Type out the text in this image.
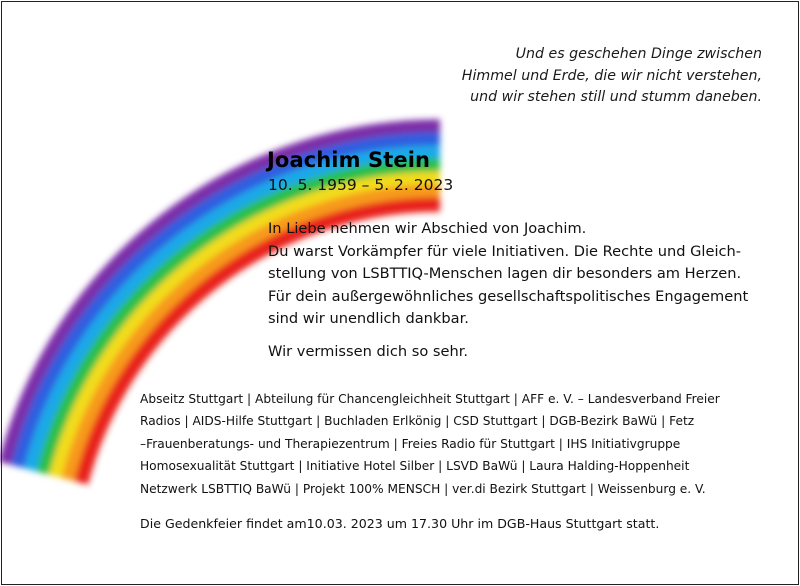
Und es geschehen Dinge zwischen
Himmel und Erde, die wir nicht verstehen,
und wir stehen still und stumm daneben.
Joachim Stein
10. 5. 1959 – 5. 2. 2023
In Liebe nehmen wir Abschied von Joachim.
Du warst Vorkämpfer für viele Initiativen. Die Rechte und Gleich-
stellung von LSBTTIQ-Menschen lagen dir besonders am Herzen.
Für dein außergewöhnliches gesellschaftspolitisches Engagement
sind wir unendlich dankbar.
Wir vermissen dich so sehr.
Abseitz Stuttgart | Abteilung für Chancengleichheit Stuttgart | AFF e. V. – Landesverband Freier
Radios | AIDS-Hilfe Stuttgart | Buchladen Erlkönig | CSD Stuttgart | DGB-Bezirk BaWü | Fetz
–Frauenberatungs- und Therapiezentrum | Freies Radio für Stuttgart | IHS Initiativgruppe
Homosexualität Stuttgart | Initiative Hotel Silber | LSVD BaWü | Laura Halding-Hoppenheit
Netzwerk LSBTTIQ BaWü | Projekt 100% MENSCH | ver.di Bezirk Stuttgart | Weissenburg e. V.
Die Gedenkfeier findet am10.03. 2023 um 17.30 Uhr im DGB-Haus Stuttgart statt.
